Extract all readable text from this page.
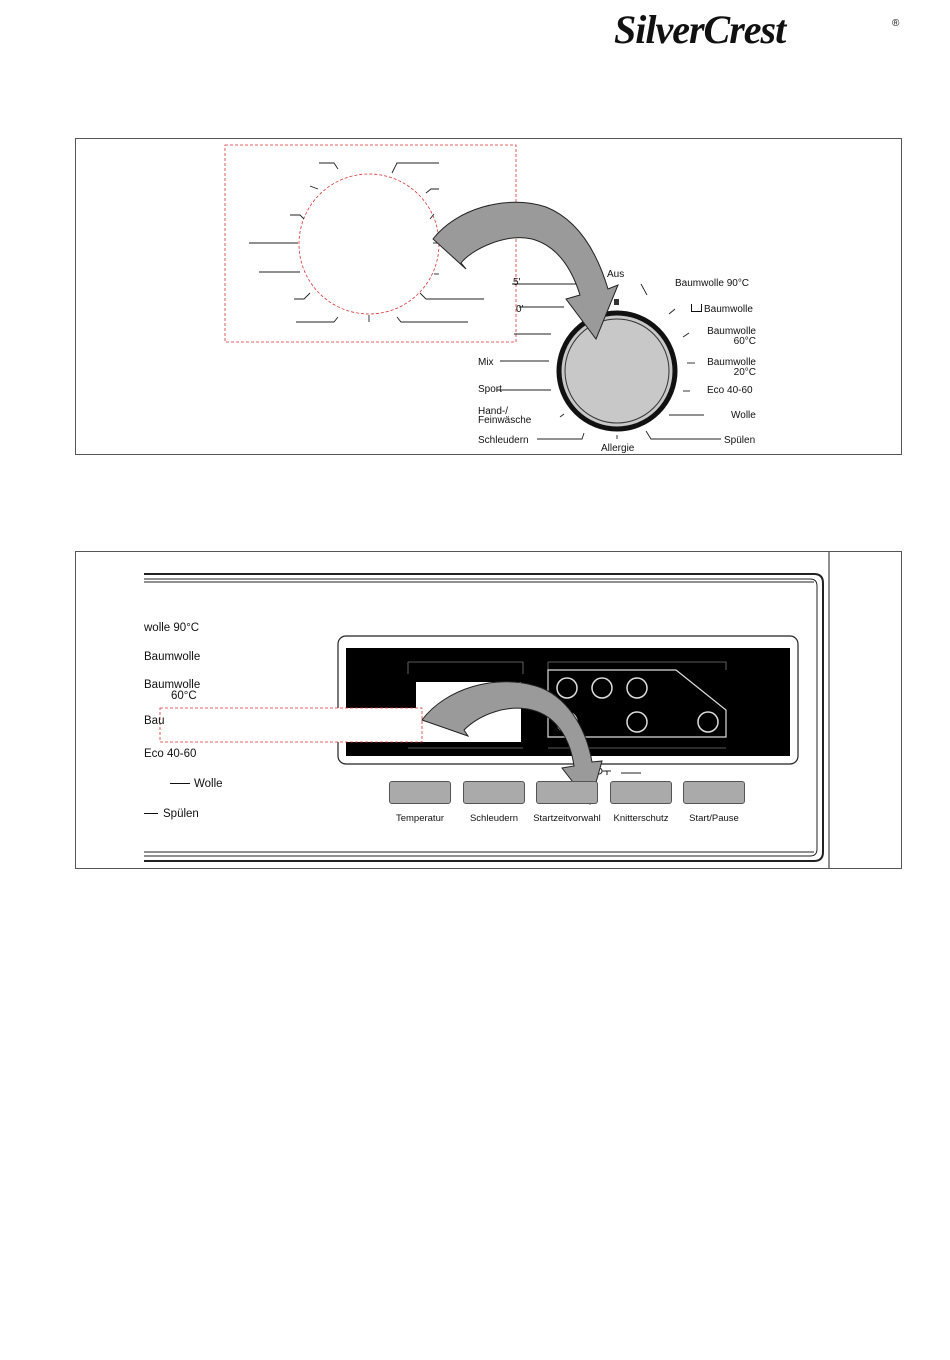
SilverCrest	®
Aus
5'
0'
Mix
Sport
Hand-/
Feinwäsche
Schleudern
Allergie
Baumwolle 90°C
Baumwolle
Baumwolle
60°C
Baumwolle
20°C
Eco 40-60
Wolle
Spülen
wolle 90°C
Baumwolle
Baumwolle
60°C
Bau
Eco 40-60
Wolle
Spülen	Temperatur	Schleudern	Startzeitvorwahl	Knitterschutz	Start/Pause
